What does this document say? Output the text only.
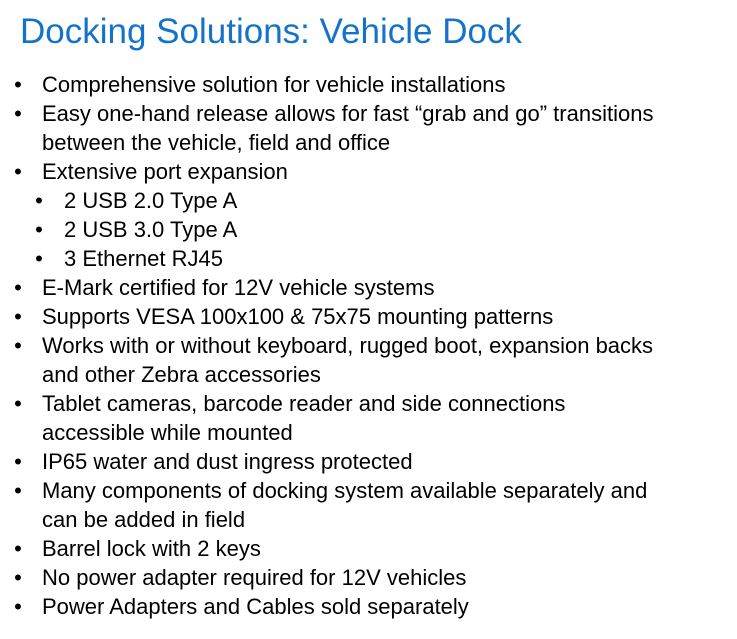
Docking Solutions: Vehicle Dock
• Comprehensive solution for vehicle installations
• Easy one-hand release allows for fast “grab and go” transitions
between the vehicle, field and office
• Extensive port expansion
• 2 USB 2.0 Type A
• 2 USB 3.0 Type A
• 3 Ethernet RJ45
• E-Mark certified for 12V vehicle systems
• Supports VESA 100x100 & 75x75 mounting patterns
• Works with or without keyboard, rugged boot, expansion backs
and other Zebra accessories
• Tablet cameras, barcode reader and side connections
accessible while mounted
• IP65 water and dust ingress protected
• Many components of docking system available separately and
can be added in field
• Barrel lock with 2 keys
• No power adapter required for 12V vehicles
• Power Adapters and Cables sold separately
